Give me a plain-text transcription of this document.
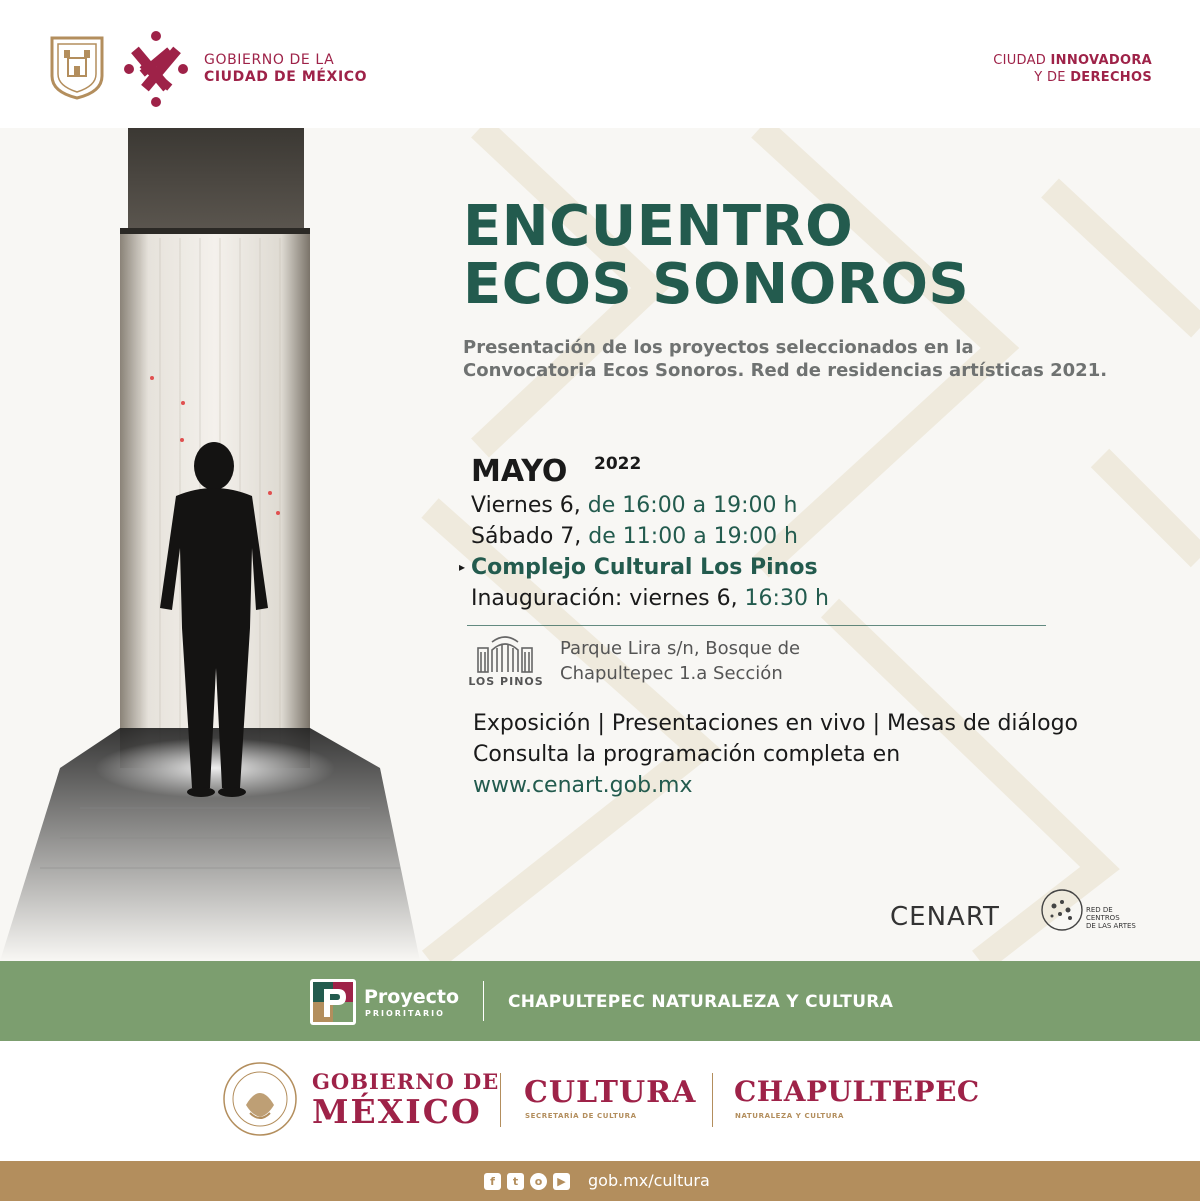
GOBIERNO DE LA
CIUDAD DE MÉXICO
CIUDAD INNOVADORA
Y DE DERECHOS
ENCUENTRO
ECOS SONOROS
Presentación de los proyectos seleccionados en la
Convocatoria Ecos Sonoros. Red de residencias artísticas 2021.
MAYO 2022
Viernes 6, de 16:00 a 19:00 h
Sábado 7, de 11:00 a 19:00 h
▸ Complejo Cultural Los Pinos
Inauguración: viernes 6, 16:30 h
LOS PINOS
Parque Lira s/n, Bosque de
Chapultepec 1.a Sección
Exposición | Presentaciones en vivo | Mesas de diálogo
Consulta la programación completa en
www.cenart.gob.mx
CENART	RED DE
CENTROS
DE LAS ARTES
Proyecto
PRIORITARIO
CHAPULTEPEC NATURALEZA Y CULTURA
GOBIERNO DE
MÉXICO	CULTURA
SECRETARÍA DE CULTURA
CHAPULTEPEC
NATURALEZA Y CULTURA
f	t	o	▶ gob.mx/cultura
